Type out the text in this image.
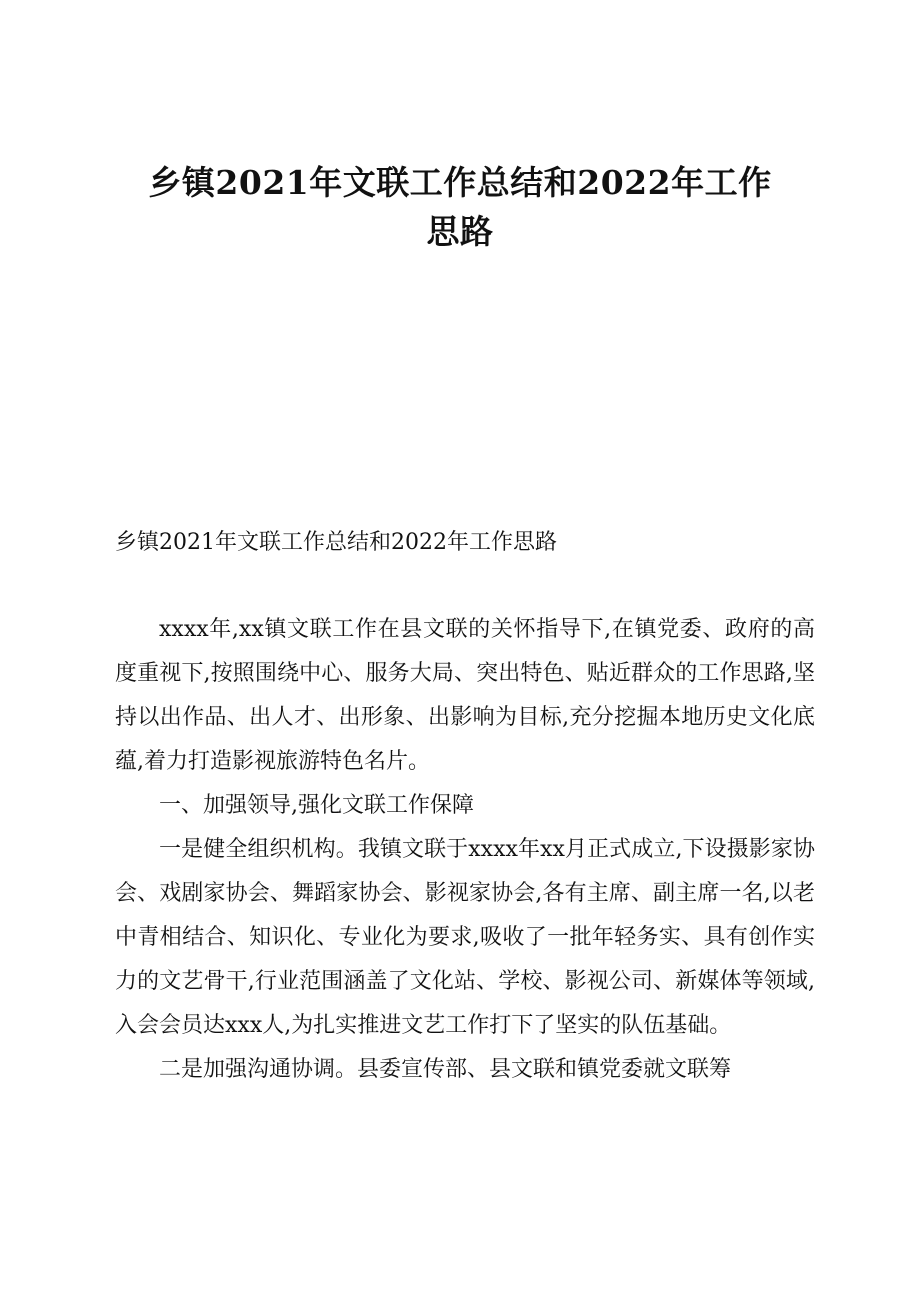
乡镇2021年文联工作总结和2022年工作
思路

乡镇2021年文联工作总结和2022年工作思路

xxxx年,xx镇文联工作在县文联的关怀指导下,在镇党委、政府的高度重视下,按照围绕中心、服务大局、突出特色、贴近群众的工作思路,坚持以出作品、出人才、出形象、出影响为目标,充分挖掘本地历史文化底蕴,着力打造影视旅游特色名片。

一、加强领导,强化文联工作保障

一是健全组织机构。我镇文联于xxxx年xx月正式成立,下设摄影家协会、戏剧家协会、舞蹈家协会、影视家协会,各有主席、副主席一名,以老中青相结合、知识化、专业化为要求,吸收了一批年轻务实、具有创作实力的文艺骨干,行业范围涵盖了文化站、学校、影视公司、新媒体等领域,入会会员达xxx人,为扎实推进文艺工作打下了坚实的队伍基础。

二是加强沟通协调。县委宣传部、县文联和镇党委就文联筹
